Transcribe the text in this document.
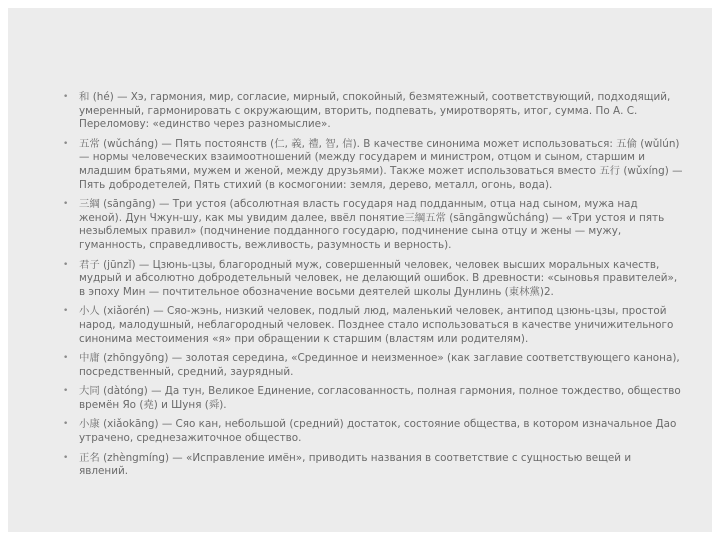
• 和 (hé) — Хэ, гармония, мир, согласие, мирный, спокойный, безмятежный, соответствующий, подходящий, умеренный, гармонировать с окружающим, вторить, подпевать, умиротворять, итог, сумма. По А. С. Переломову: «единство через разномыслие».
• 五常 (wǔcháng) — Пять постоянств (仁, 義, 禮, 智, 信). В качестве синонима может использоваться: 五倫 (wǔlún) — нормы человеческих взаимоотношений (между государем и министром, отцом и сыном, старшим и младшим братьями, мужем и женой, между друзьями). Также может использоваться вместо 五行 (wǔxíng) — Пять добродетелей, Пять стихий (в космогонии: земля, дерево, металл, огонь, вода).
• 三綱 (sāngāng) — Три устоя (абсолютная власть государя над подданным, отца над сыном, мужа над женой). Дун Чжун-шу, как мы увидим далее, ввёл понятие三綱五常 (sāngāngwǔcháng) — «Три устоя и пять незыблемых правил» (подчинение подданного государю, подчинение сына отцу и жены — мужу, гуманность, справедливость, вежливость, разумность и верность).
• 君子 (jūnzǐ) — Цзюнь-цзы, благородный муж, совершенный человек, человек высших моральных качеств, мудрый и абсолютно добродетельный человек, не делающий ошибок. В древности: «сыновья правителей», в эпоху Мин — почтительное обозначение восьми деятелей школы Дунлинь (東林黨)2.
• 小人 (xiǎorén) — Сяо-жэнь, низкий человек, подлый люд, маленький человек, антипод цзюнь-цзы, простой народ, малодушный, неблагородный человек. Позднее стало использоваться в качестве уничижительного синонима местоимения «я» при обращении к старшим (властям или родителям).
• 中庸 (zhōngyōng) — золотая середина, «Срединное и неизменное» (как заглавие соответствующего канона), посредственный, средний, заурядный.
• 大同 (dàtóng) — Да тун, Великое Единение, согласованность, полная гармония, полное тождество, общество времён Яо (堯) и Шуня (舜).
• 小康 (xiǎokāng) — Сяо кан, небольшой (средний) достаток, состояние общества, в котором изначальное Дао утрачено, среднезажиточное общество.
• 正名 (zhèngmíng) — «Исправление имён», приводить названия в соответствие с сущностью вещей и явлений.
